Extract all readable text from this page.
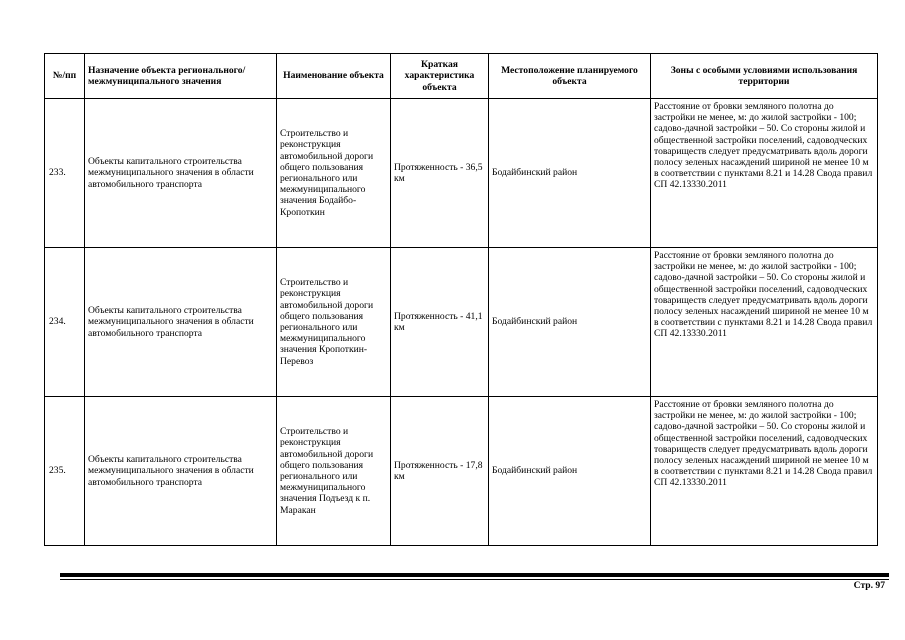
№/пп	Назначение объекта регионального/ межмуниципального значения	Наименование объекта	Краткая характеристика объекта	Местоположение планируемого объекта	Зоны с особыми условиями использования территории
233.	Объекты капитального строительства межмуниципального значения в области автомобильного транспорта	Строительство и реконструкция автомобильной дороги общего пользования регионального или межмуниципального значения Бодайбо-Кропоткин	Протяженность - 36,5 км	Бодайбинский район	Расстояние от бровки земляного полотна до застройки не менее, м: до жилой застройки - 100; садово-дачной застройки – 50. Со стороны жилой и общественной застройки поселений, садоводческих товариществ следует предусматривать вдоль дороги полосу зеленых насаждений шириной не менее 10 м в соответствии с пунктами 8.21 и 14.28 Свода правил СП 42.13330.2011
234.	Объекты капитального строительства межмуниципального значения в области автомобильного транспорта	Строительство и реконструкция автомобильной дороги общего пользования регионального или межмуниципального значения Кропоткин-Перевоз	Протяженность - 41,1 км	Бодайбинский район	Расстояние от бровки земляного полотна до застройки не менее, м: до жилой застройки - 100; садово-дачной застройки – 50. Со стороны жилой и общественной застройки поселений, садоводческих товариществ следует предусматривать вдоль дороги полосу зеленых насаждений шириной не менее 10 м в соответствии с пунктами 8.21 и 14.28 Свода правил СП 42.13330.2011
235.	Объекты капитального строительства межмуниципального значения в области автомобильного транспорта	Строительство и реконструкция автомобильной дороги общего пользования регионального или межмуниципального значения Подъезд к п. Маракан	Протяженность - 17,8 км	Бодайбинский район	Расстояние от бровки земляного полотна до застройки не менее, м: до жилой застройки - 100; садово-дачной застройки – 50. Со стороны жилой и общественной застройки поселений, садоводческих товариществ следует предусматривать вдоль дороги полосу зеленых насаждений шириной не менее 10 м в соответствии с пунктами 8.21 и 14.28 Свода правил СП 42.13330.2011
Стр. 97
